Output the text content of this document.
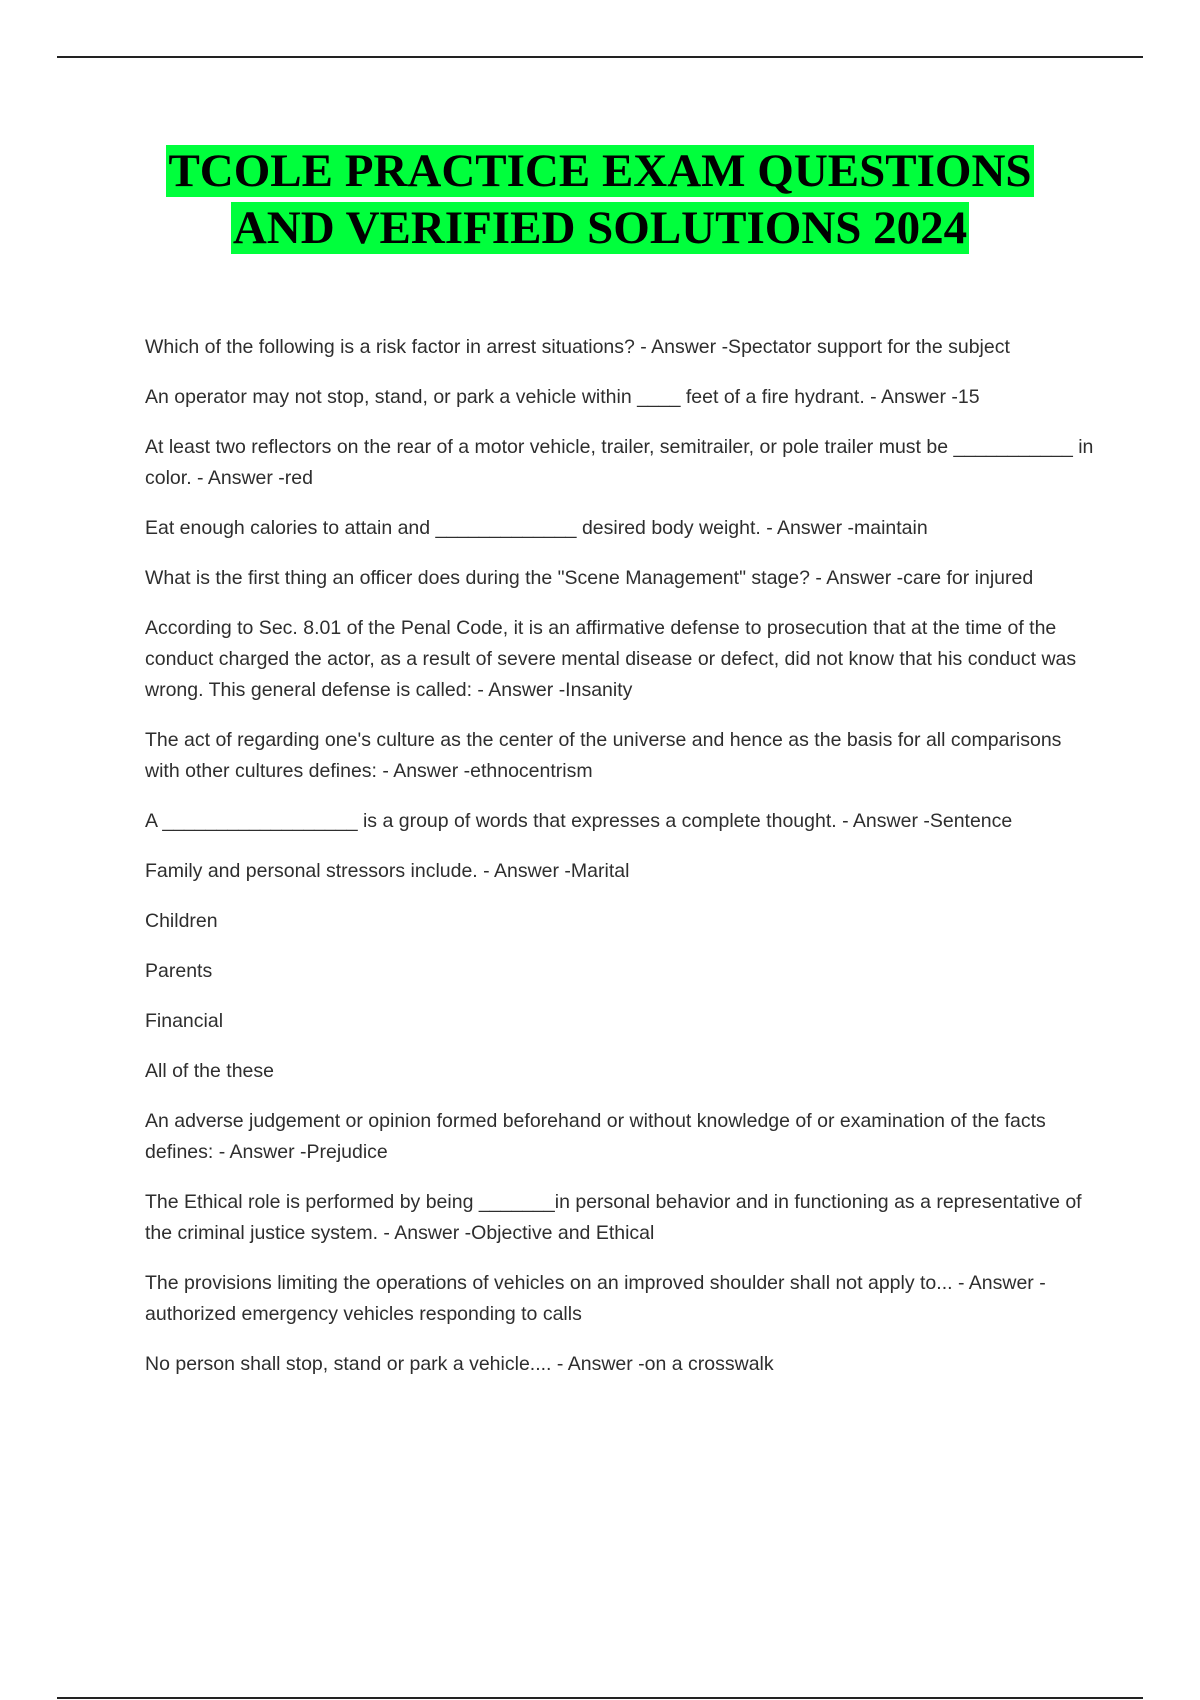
TCOLE PRACTICE EXAM QUESTIONS
AND VERIFIED SOLUTIONS 2024

Which of the following is a risk factor in arrest situations? - Answer -Spectator support for the subject

An operator may not stop, stand, or park a vehicle within ____ feet of a fire hydrant. - Answer -15

At least two reflectors on the rear of a motor vehicle, trailer, semitrailer, or pole trailer must be ___________ in color. - Answer -red

Eat enough calories to attain and _____________ desired body weight. - Answer -maintain

What is the first thing an officer does during the "Scene Management" stage? - Answer -care for injured

According to Sec. 8.01 of the Penal Code, it is an affirmative defense to prosecution that at the time of the conduct charged the actor, as a result of severe mental disease or defect, did not know that his conduct was wrong. This general defense is called: - Answer -Insanity

The act of regarding one's culture as the center of the universe and hence as the basis for all comparisons with other cultures defines: - Answer -ethnocentrism

A __________________ is a group of words that expresses a complete thought. - Answer -Sentence

Family and personal stressors include. - Answer -Marital

Children

Parents

Financial

All of the these

An adverse judgement or opinion formed beforehand or without knowledge of or examination of the facts defines: - Answer -Prejudice

The Ethical role is performed by being _______in personal behavior and in functioning as a representative of the criminal justice system. - Answer -Objective and Ethical

The provisions limiting the operations of vehicles on an improved shoulder shall not apply to... - Answer -authorized emergency vehicles responding to calls

No person shall stop, stand or park a vehicle.... - Answer -on a crosswalk
